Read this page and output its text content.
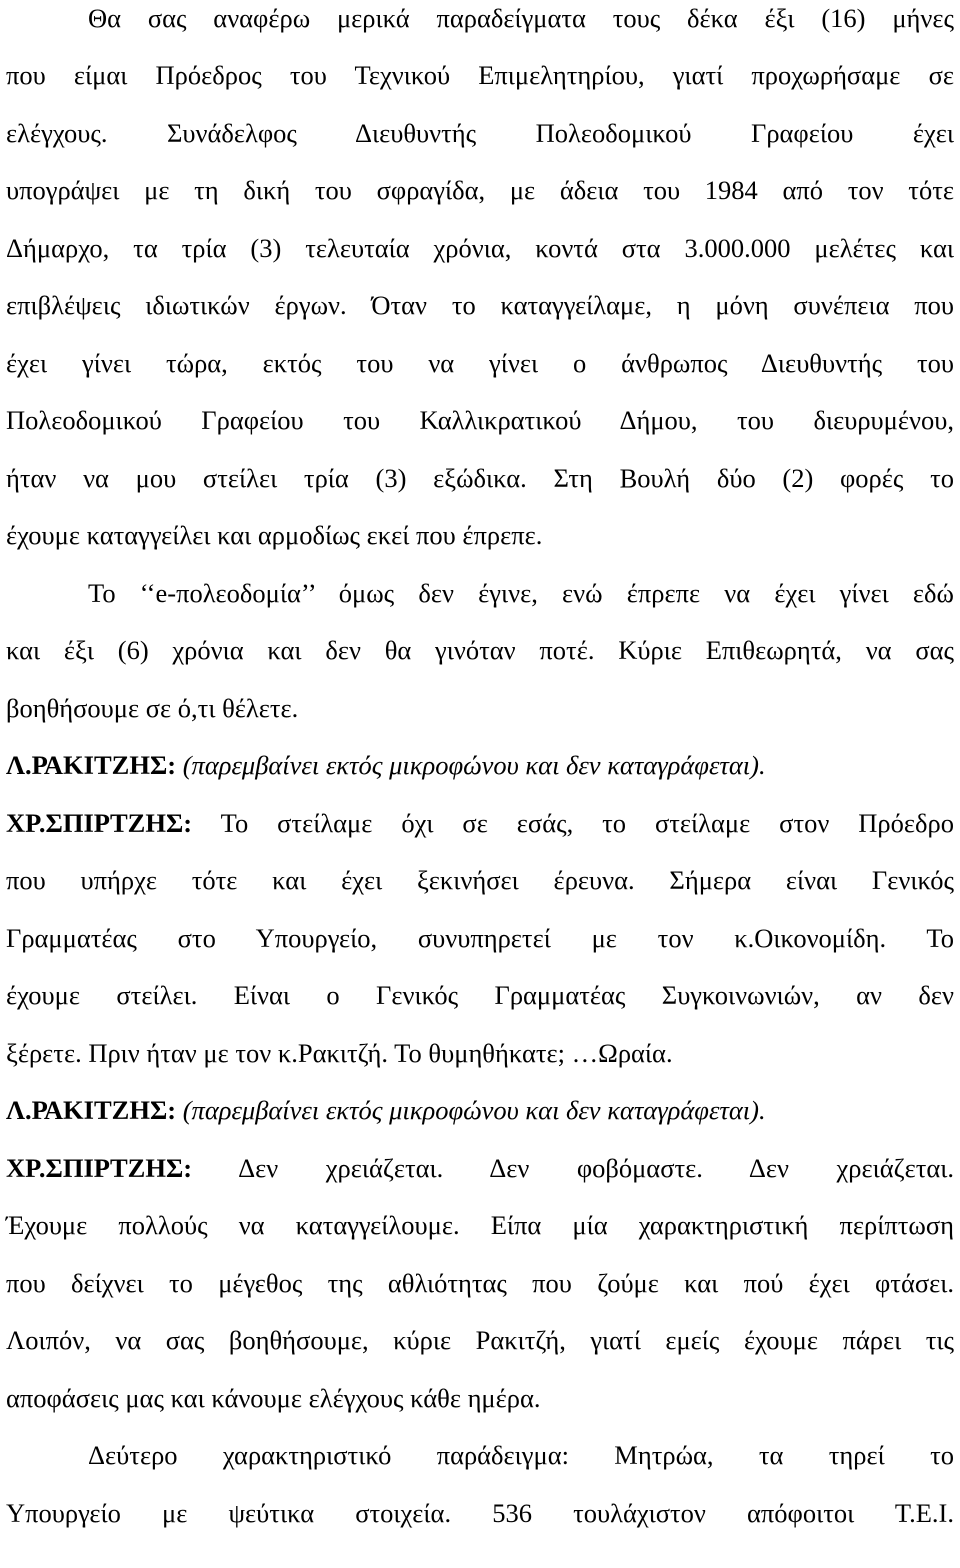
Θα σας αναφέρω μερικά παραδείγματα τους δέκα έξι (16) μήνες
που είμαι Πρόεδρος του Τεχνικού Επιμελητηρίου, γιατί προχωρήσαμε σε
ελέγχους. Συνάδελφος Διευθυντής Πολεοδομικού Γραφείου έχει
υπογράψει με τη δική του σφραγίδα, με άδεια του 1984 από τον τότε
Δήμαρχο, τα τρία (3) τελευταία χρόνια, κοντά στα 3.000.000 μελέτες και
επιβλέψεις ιδιωτικών έργων. Όταν το καταγγείλαμε, η μόνη συνέπεια που
έχει γίνει τώρα, εκτός του να γίνει ο άνθρωπος Διευθυντής του
Πολεοδομικού Γραφείου του Καλλικρατικού Δήμου, του διευρυμένου,
ήταν να μου στείλει τρία (3) εξώδικα. Στη Βουλή δύο (2) φορές το
έχουμε καταγγείλει και αρμοδίως εκεί που έπρεπε.
Το ‘‘e-πολεοδομία’’ όμως δεν έγινε, ενώ έπρεπε να έχει γίνει εδώ
και έξι (6) χρόνια και δεν θα γινόταν ποτέ. Κύριε Επιθεωρητά, να σας
βοηθήσουμε σε ό,τι θέλετε.
Λ.ΡΑΚΙΤΖΗΣ: (παρεμβαίνει εκτός μικροφώνου και δεν καταγράφεται).
ΧΡ.ΣΠΙΡΤΖΗΣ: Το στείλαμε όχι σε εσάς, το στείλαμε στον Πρόεδρο
που υπήρχε τότε και έχει ξεκινήσει έρευνα. Σήμερα είναι Γενικός
Γραμματέας στο Υπουργείο, συνυπηρετεί με τον κ.Οικονομίδη. Το
έχουμε στείλει. Είναι ο Γενικός Γραμματέας Συγκοινωνιών, αν δεν
ξέρετε. Πριν ήταν με τον κ.Ρακιτζή. Το θυμηθήκατε; …Ωραία.
Λ.ΡΑΚΙΤΖΗΣ: (παρεμβαίνει εκτός μικροφώνου και δεν καταγράφεται).
ΧΡ.ΣΠΙΡΤΖΗΣ: Δεν χρειάζεται. Δεν φοβόμαστε. Δεν χρειάζεται.
Έχουμε πολλούς να καταγγείλουμε. Είπα μία χαρακτηριστική περίπτωση
που δείχνει το μέγεθος της αθλιότητας που ζούμε και πού έχει φτάσει.
Λοιπόν, να σας βοηθήσουμε, κύριε Ρακιτζή, γιατί εμείς έχουμε πάρει τις
αποφάσεις μας και κάνουμε ελέγχους κάθε ημέρα.
Δεύτερο χαρακτηριστικό παράδειγμα: Μητρώα, τα τηρεί το
Υπουργείο με ψεύτικα στοιχεία. 536 τουλάχιστον απόφοιτοι Τ.Ε.Ι.
